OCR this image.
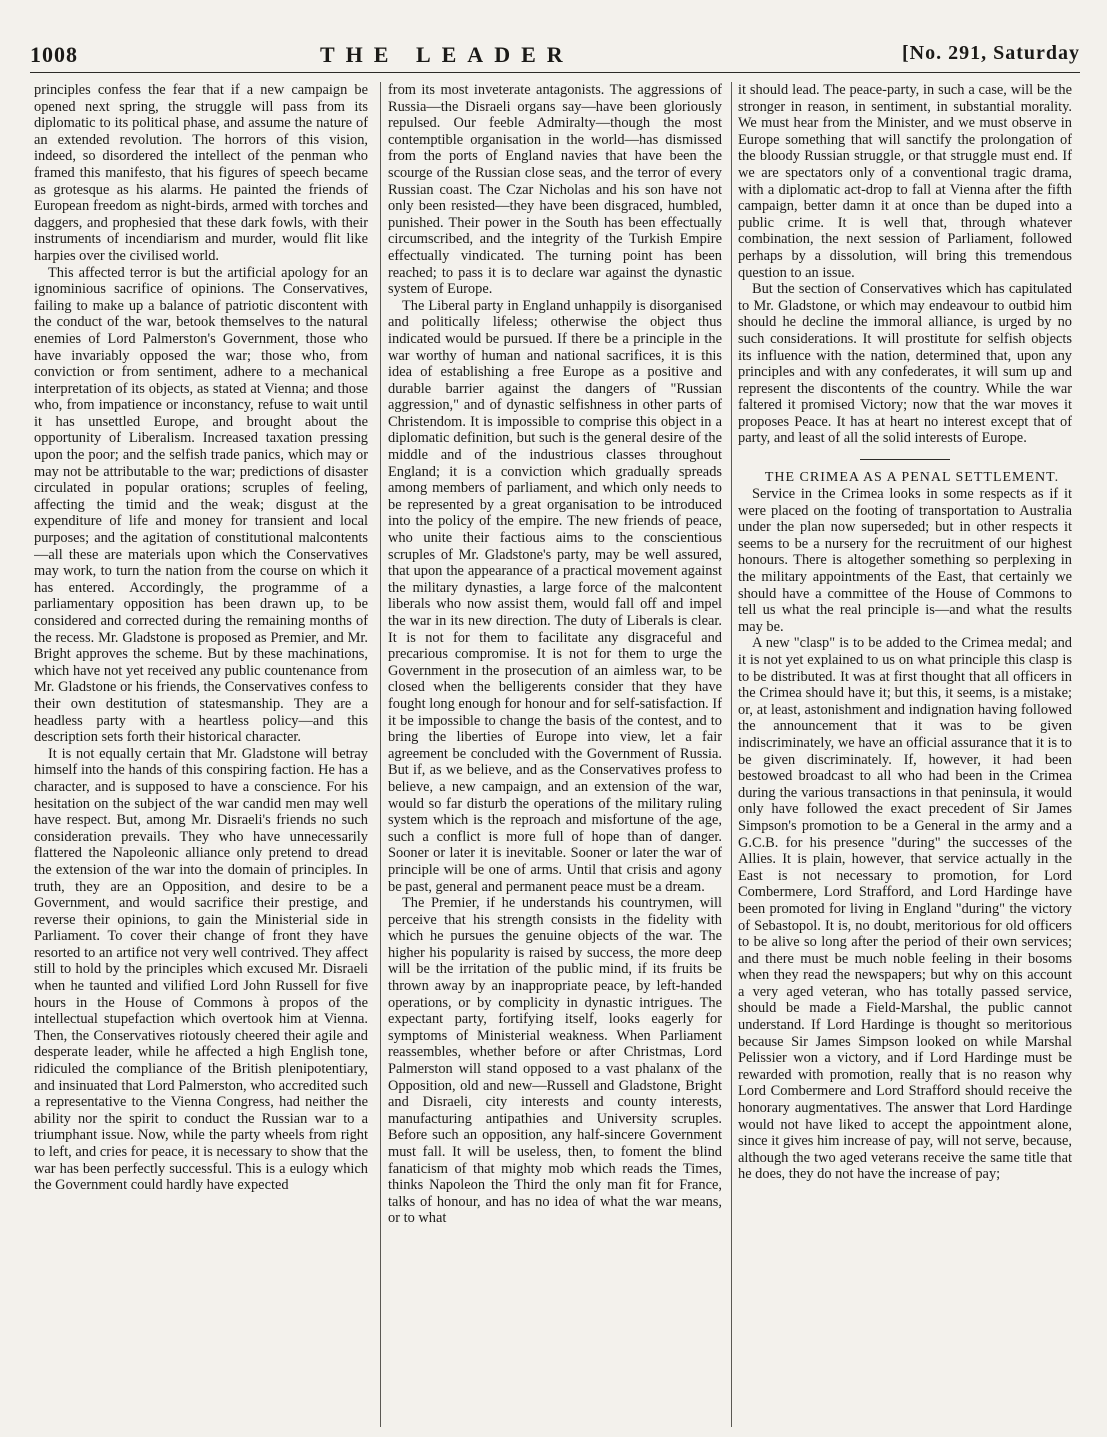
1008	THE LEADER	[No. 291, Saturday

principles confess the fear that if a new campaign be opened next spring, the struggle will pass from its diplomatic to its political phase, and assume the nature of an extended revolution. The horrors of this vision, indeed, so disordered the intellect of the penman who framed this manifesto, that his figures of speech became as grotesque as his alarms. He painted the friends of European freedom as night-birds, armed with torches and daggers, and prophesied that these dark fowls, with their instruments of incendiarism and murder, would flit like harpies over the civilised world.

This affected terror is but the artificial apology for an ignominious sacrifice of opinions. The Conservatives, failing to make up a balance of patriotic discontent with the conduct of the war, betook themselves to the natural enemies of Lord Palmerston's Government, those who have invariably opposed the war; those who, from conviction or from sentiment, adhere to a mechanical interpretation of its objects, as stated at Vienna; and those who, from impatience or inconstancy, refuse to wait until it has unsettled Europe, and brought about the opportunity of Liberalism. Increased taxation pressing upon the poor; and the selfish trade panics, which may or may not be attributable to the war; predictions of disaster circulated in popular orations; scruples of feeling, affecting the timid and the weak; disgust at the expenditure of life and money for transient and local purposes; and the agitation of constitutional malcontents—all these are materials upon which the Conservatives may work, to turn the nation from the course on which it has entered. Accordingly, the programme of a parliamentary opposition has been drawn up, to be considered and corrected during the remaining months of the recess. Mr. Gladstone is proposed as Premier, and Mr. Bright approves the scheme. But by these machinations, which have not yet received any public countenance from Mr. Gladstone or his friends, the Conservatives confess to their own destitution of statesmanship. They are a headless party with a heartless policy—and this description sets forth their historical character.

It is not equally certain that Mr. Gladstone will betray himself into the hands of this conspiring faction. He has a character, and is supposed to have a conscience. For his hesitation on the subject of the war candid men may well have respect. But, among Mr. Disraeli's friends no such consideration prevails. They who have unnecessarily flattered the Napoleonic alliance only pretend to dread the extension of the war into the domain of principles. In truth, they are an Opposition, and desire to be a Government, and would sacrifice their prestige, and reverse their opinions, to gain the Ministerial side in Parliament. To cover their change of front they have resorted to an artifice not very well contrived. They affect still to hold by the principles which excused Mr. Disraeli when he taunted and vilified Lord John Russell for five hours in the House of Commons à propos of the intellectual stupefaction which overtook him at Vienna. Then, the Conservatives riotously cheered their agile and desperate leader, while he affected a high English tone, ridiculed the compliance of the British plenipotentiary, and insinuated that Lord Palmerston, who accredited such a representative to the Vienna Congress, had neither the ability nor the spirit to conduct the Russian war to a triumphant issue. Now, while the party wheels from right to left, and cries for peace, it is necessary to show that the war has been perfectly successful. This is a eulogy which the Government could hardly have expected

from its most inveterate antagonists. The aggressions of Russia—the Disraeli organs say—have been gloriously repulsed. Our feeble Admiralty—though the most contemptible organisation in the world—has dismissed from the ports of England navies that have been the scourge of the Russian close seas, and the terror of every Russian coast. The Czar Nicholas and his son have not only been resisted—they have been disgraced, humbled, punished. Their power in the South has been effectually circumscribed, and the integrity of the Turkish Empire effectually vindicated. The turning point has been reached; to pass it is to declare war against the dynastic system of Europe.

The Liberal party in England unhappily is disorganised and politically lifeless; otherwise the object thus indicated would be pursued. If there be a principle in the war worthy of human and national sacrifices, it is this idea of establishing a free Europe as a positive and durable barrier against the dangers of "Russian aggression," and of dynastic selfishness in other parts of Christendom. It is impossible to comprise this object in a diplomatic definition, but such is the general desire of the middle and of the industrious classes throughout England; it is a conviction which gradually spreads among members of parliament, and which only needs to be represented by a great organisation to be introduced into the policy of the empire. The new friends of peace, who unite their factious aims to the conscientious scruples of Mr. Gladstone's party, may be well assured, that upon the appearance of a practical movement against the military dynasties, a large force of the malcontent liberals who now assist them, would fall off and impel the war in its new direction. The duty of Liberals is clear. It is not for them to facilitate any disgraceful and precarious compromise. It is not for them to urge the Government in the prosecution of an aimless war, to be closed when the belligerents consider that they have fought long enough for honour and for self-satisfaction. If it be impossible to change the basis of the contest, and to bring the liberties of Europe into view, let a fair agreement be concluded with the Government of Russia. But if, as we believe, and as the Conservatives profess to believe, a new campaign, and an extension of the war, would so far disturb the operations of the military ruling system which is the reproach and misfortune of the age, such a conflict is more full of hope than of danger. Sooner or later it is inevitable. Sooner or later the war of principle will be one of arms. Until that crisis and agony be past, general and permanent peace must be a dream.

The Premier, if he understands his countrymen, will perceive that his strength consists in the fidelity with which he pursues the genuine objects of the war. The higher his popularity is raised by success, the more deep will be the irritation of the public mind, if its fruits be thrown away by an inappropriate peace, by left-handed operations, or by complicity in dynastic intrigues. The expectant party, fortifying itself, looks eagerly for symptoms of Ministerial weakness. When Parliament reassembles, whether before or after Christmas, Lord Palmerston will stand opposed to a vast phalanx of the Opposition, old and new—Russell and Gladstone, Bright and Disraeli, city interests and county interests, manufacturing antipathies and University scruples. Before such an opposition, any half-sincere Government must fall. It will be useless, then, to foment the blind fanaticism of that mighty mob which reads the Times, thinks Napoleon the Third the only man fit for France, talks of honour, and has no idea of what the war means, or to what

it should lead. The peace-party, in such a case, will be the stronger in reason, in sentiment, in substantial morality. We must hear from the Minister, and we must observe in Europe something that will sanctify the prolongation of the bloody Russian struggle, or that struggle must end. If we are spectators only of a conventional tragic drama, with a diplomatic act-drop to fall at Vienna after the fifth campaign, better damn it at once than be duped into a public crime. It is well that, through whatever combination, the next session of Parliament, followed perhaps by a dissolution, will bring this tremendous question to an issue.

But the section of Conservatives which has capitulated to Mr. Gladstone, or which may endeavour to outbid him should he decline the immoral alliance, is urged by no such considerations. It will prostitute for selfish objects its influence with the nation, determined that, upon any principles and with any confederates, it will sum up and represent the discontents of the country. While the war faltered it promised Victory; now that the war moves it proposes Peace. It has at heart no interest except that of party, and least of all the solid interests of Europe.

THE CRIMEA AS A PENAL SETTLEMENT.

Service in the Crimea looks in some respects as if it were placed on the footing of transportation to Australia under the plan now superseded; but in other respects it seems to be a nursery for the recruitment of our highest honours. There is altogether something so perplexing in the military appointments of the East, that certainly we should have a committee of the House of Commons to tell us what the real principle is—and what the results may be.

A new "clasp" is to be added to the Crimea medal; and it is not yet explained to us on what principle this clasp is to be distributed. It was at first thought that all officers in the Crimea should have it; but this, it seems, is a mistake; or, at least, astonishment and indignation having followed the announcement that it was to be given indiscriminately, we have an official assurance that it is to be given discriminately. If, however, it had been bestowed broadcast to all who had been in the Crimea during the various transactions in that peninsula, it would only have followed the exact precedent of Sir James Simpson's promotion to be a General in the army and a G.C.B. for his presence "during" the successes of the Allies. It is plain, however, that service actually in the East is not necessary to promotion, for Lord Combermere, Lord Strafford, and Lord Hardinge have been promoted for living in England "during" the victory of Sebastopol. It is, no doubt, meritorious for old officers to be alive so long after the period of their own services; and there must be much noble feeling in their bosoms when they read the newspapers; but why on this account a very aged veteran, who has totally passed service, should be made a Field-Marshal, the public cannot understand. If Lord Hardinge is thought so meritorious because Sir James Simpson looked on while Marshal Pelissier won a victory, and if Lord Hardinge must be rewarded with promotion, really that is no reason why Lord Combermere and Lord Strafford should receive the honorary augmentatives. The answer that Lord Hardinge would not have liked to accept the appointment alone, since it gives him increase of pay, will not serve, because, although the two aged veterans receive the same title that he does, they do not have the increase of pay;
